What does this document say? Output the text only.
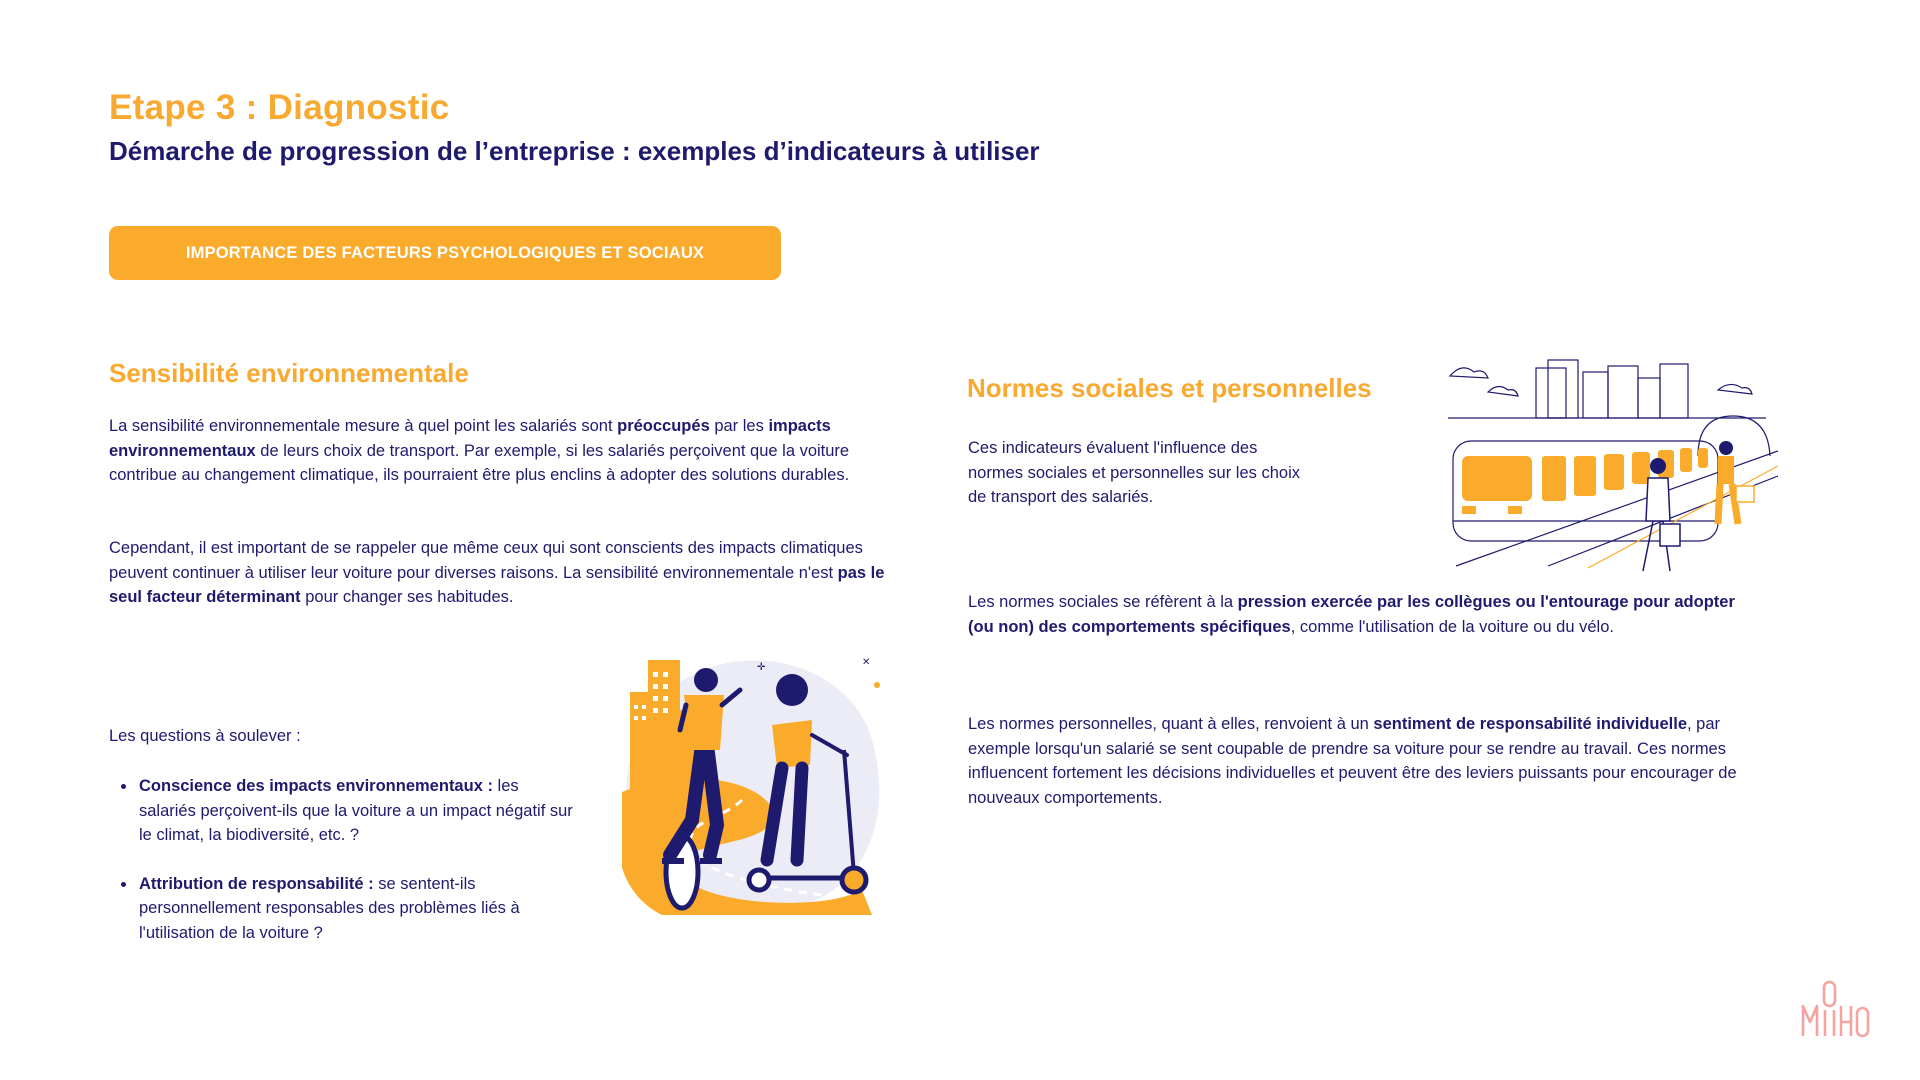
Etape 3 : Diagnostic
Démarche de progression de l’entreprise : exemples d’indicateurs à utiliser
IMPORTANCE DES FACTEURS PSYCHOLOGIQUES ET SOCIAUX
Sensibilité environnementale

La sensibilité environnementale mesure à quel point les salariés sont préoccupés par les impacts environnementaux de leurs choix de transport. Par exemple, si les salariés perçoivent que la voiture contribue au changement climatique, ils pourraient être plus enclins à adopter des solutions durables.

Cependant, il est important de se rappeler que même ceux qui sont conscients des impacts climatiques peuvent continuer à utiliser leur voiture pour diverses raisons. La sensibilité environnementale n'est pas le seul facteur déterminant pour changer ses habitudes.

Les questions à soulever :

Conscience des impacts environnementaux : les salariés perçoivent-ils que la voiture a un impact négatif sur le climat, la biodiversité, etc. ?
Attribution de responsabilité : se sentent-ils personnellement responsables des problèmes liés à l'utilisation de la voiture ?
✛	✕
Normes sociales et personnelles

Ces indicateurs évaluent l'influence des normes sociales et personnelles sur les choix de transport des salariés.

Les normes sociales se réfèrent à la pression exercée par les collègues ou l'entourage pour adopter (ou non) des comportements spécifiques, comme l'utilisation de la voiture ou du vélo.

Les normes personnelles, quant à elles, renvoient à un sentiment de responsabilité individuelle, par exemple lorsqu'un salarié se sent coupable de prendre sa voiture pour se rendre au travail. Ces normes influencent fortement les décisions individuelles et peuvent être des leviers puissants pour encourager de nouveaux comportements.
